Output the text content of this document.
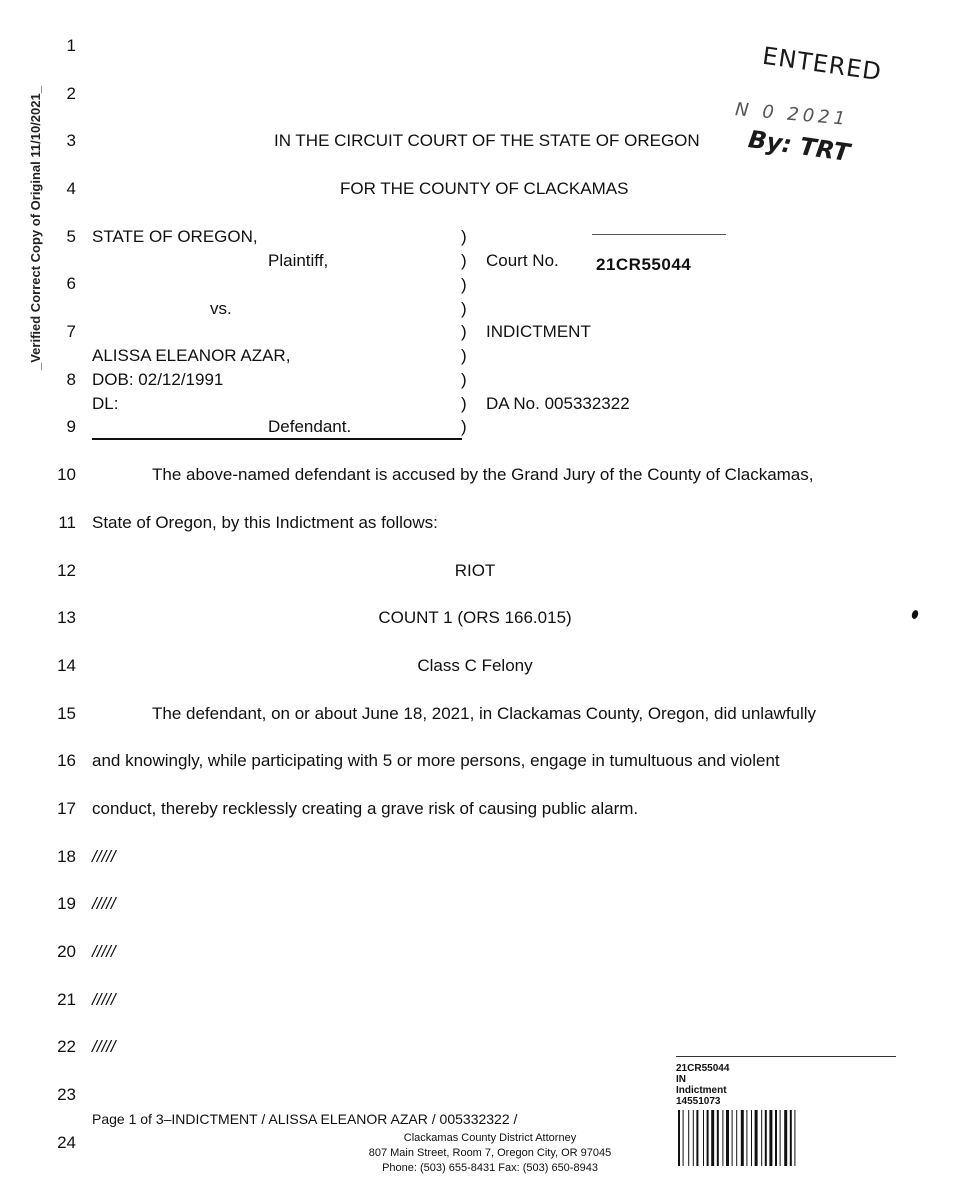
_Verified Correct Copy of Original 11/10/2021_
1
2
3
4
5
6
7
8
9
10
11
12
13
14
15
16
17
18
19
20
21
22
23
24
ENTERED
N 0 2021
By: TRT
IN THE CIRCUIT COURT OF THE STATE OF OREGON
FOR THE COUNTY OF CLACKAMAS
STATE OF OREGON,
Plaintiff,
vs.
ALISSA ELEANOR AZAR,
DOB: 02/12/1991
DL:
Defendant.
)
)
)
)
)
)
)
)
)
Court No. 21CR55044
INDICTMENT
DA No. 005332322
The above-named defendant is accused by the Grand Jury of the County of Clackamas,
State of Oregon, by this Indictment as follows:
RIOT
COUNT 1 (ORS 166.015)
Class C Felony
The defendant, on or about June 18, 2021, in Clackamas County, Oregon, did unlawfully
and knowingly, while participating with 5 or more persons, engage in tumultuous and violent
conduct, thereby recklessly creating a grave risk of causing public alarm.
/////
/////
/////
/////
/////
21CR55044
IN
Indictment
14551073
Page 1 of 3–INDICTMENT / ALISSA ELEANOR AZAR / 005332322 /
Clackamas County District Attorney
807 Main Street, Room 7, Oregon City, OR 97045
Phone: (503) 655-8431 Fax: (503) 650-8943
